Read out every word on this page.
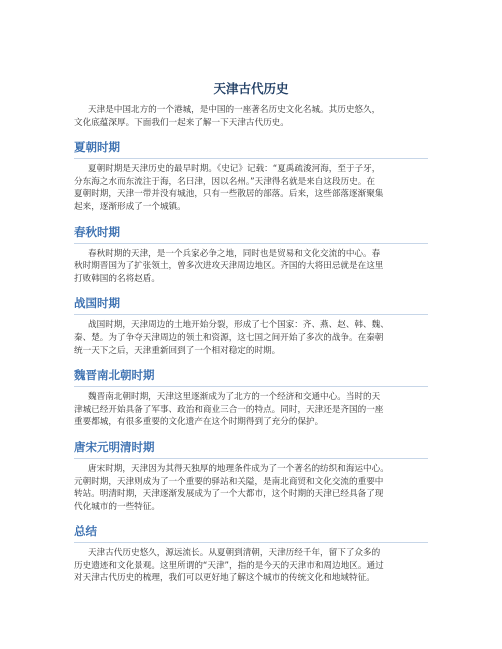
天津古代历史
天津是中国北方的一个港城，是中国的一座著名历史文化名城。其历史悠久，
文化底蕴深厚。下面我们一起来了解一下天津古代历史。
夏朝时期
夏朝时期是天津历史的最早时期。《史记》记载：“夏禹疏浚河海，至于子牙，
分东海之水而东流注于海，名曰津，因以名州。”天津得名就是来自这段历史。在
夏朝时期，天津一带并没有城池，只有一些散居的部落。后来，这些部落逐渐聚集
起来，逐渐形成了一个城镇。
春秋时期
春秋时期的天津，是一个兵家必争之地，同时也是贸易和文化交流的中心。春
秋时期晋国为了扩张领土，曾多次进攻天津周边地区。齐国的大将田忌就是在这里
打败韩国的名将赵盾。
战国时期
战国时期，天津周边的土地开始分裂，形成了七个国家：齐、燕、赵、韩、魏、
秦、楚。为了争夺天津周边的领土和资源，这七国之间开始了多次的战争。在秦朝
统一天下之后，天津重新回到了一个相对稳定的时期。
魏晋南北朝时期
魏晋南北朝时期，天津这里逐渐成为了北方的一个经济和交通中心。当时的天
津城已经开始具备了军事、政治和商业三合一的特点。同时，天津还是齐国的一座
重要都城，有很多重要的文化遗产在这个时期得到了充分的保护。
唐宋元明清时期
唐宋时期，天津因为其得天独厚的地理条件成为了一个著名的纺织和海运中心。
元朝时期，天津则成为了一个重要的驿站和关隘，是南北商贸和文化交流的重要中
转站。明清时期，天津逐渐发展成为了一个大都市，这个时期的天津已经具备了现
代化城市的一些特征。
总结
天津古代历史悠久，源远流长。从夏朝到清朝，天津历经千年，留下了众多的
历史遗迹和文化景观。这里所谓的“天津”，指的是今天的天津市和周边地区。通过
对天津古代历史的梳理，我们可以更好地了解这个城市的传统文化和地域特征。
